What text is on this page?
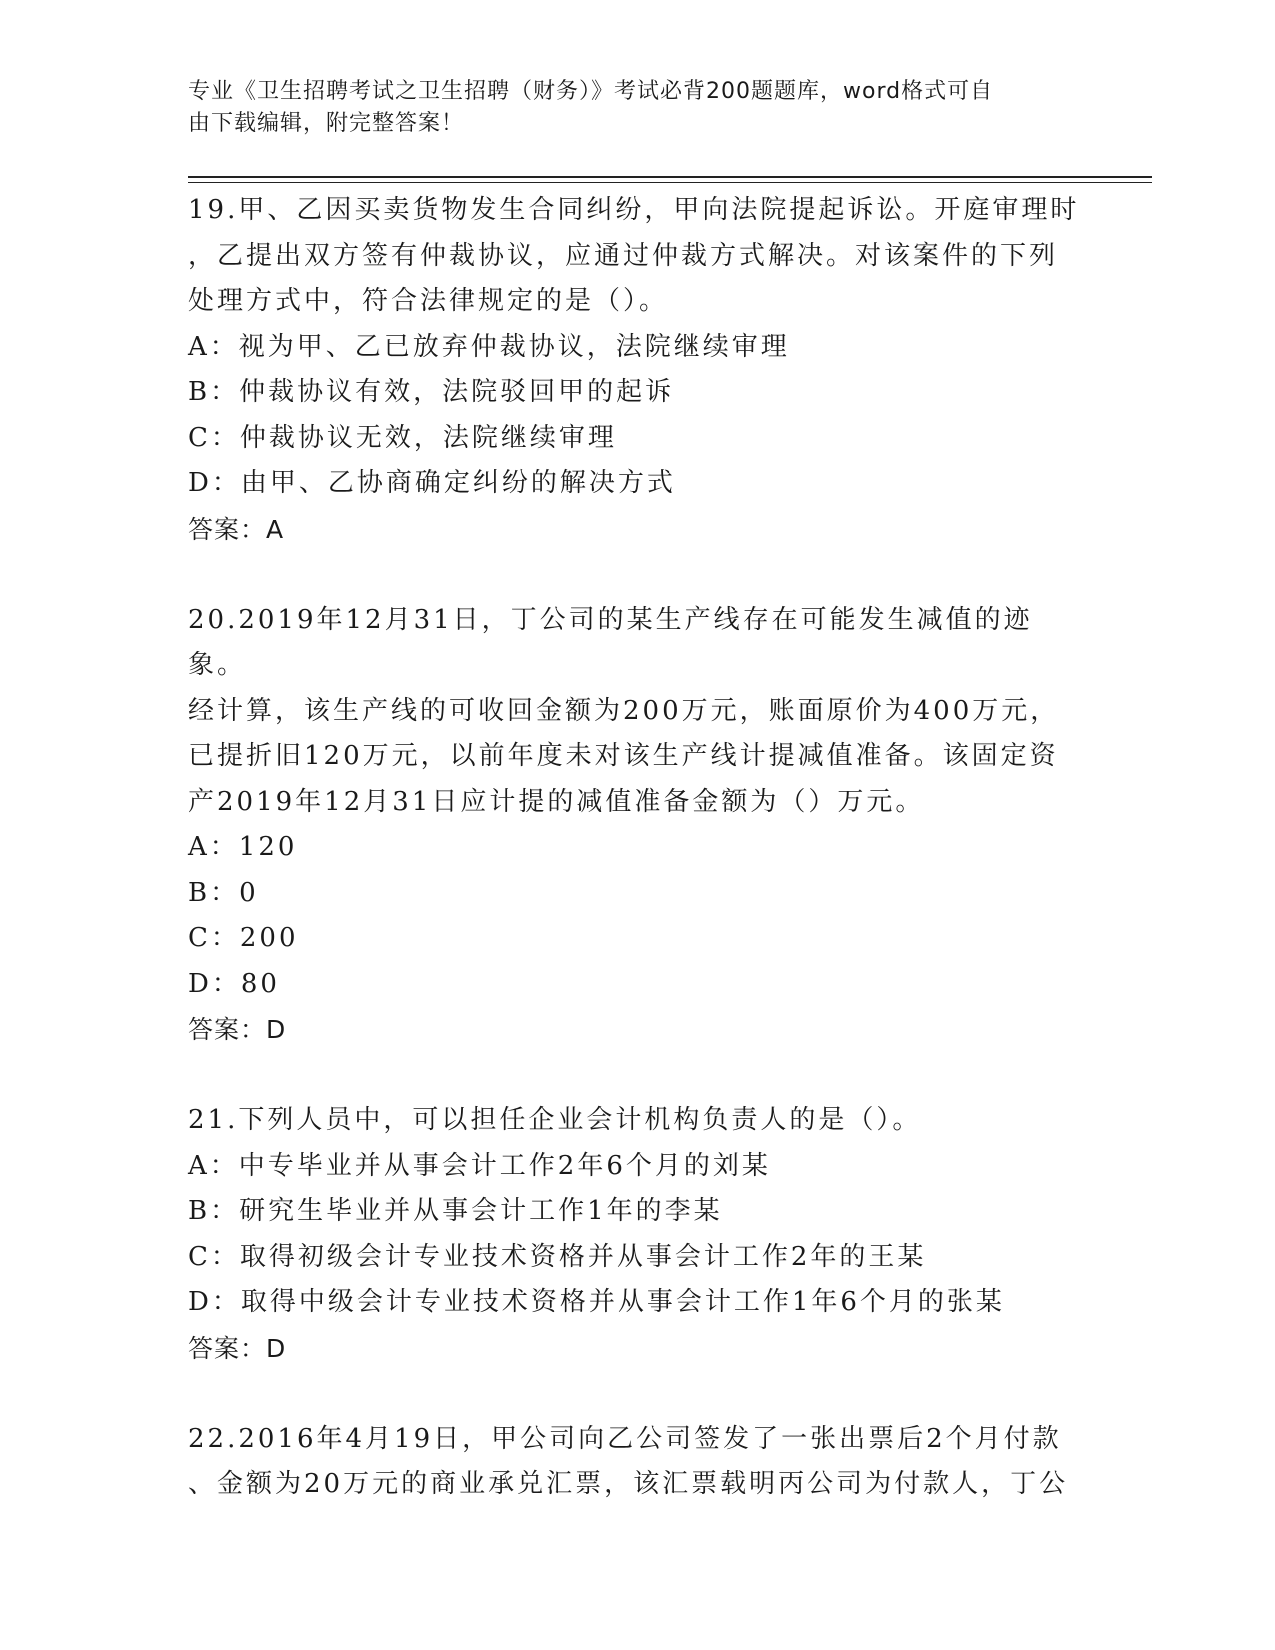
专业《卫生招聘考试之卫生招聘（财务）》考试必背200题题库，word格式可自
由下载编辑，附完整答案！

19.甲、乙因买卖货物发生合同纠纷，甲向法院提起诉讼。开庭审理时

，乙提出双方签有仲裁协议，应通过仲裁方式解决。对该案件的下列

处理方式中，符合法律规定的是（）。

A：视为甲、乙已放弃仲裁协议，法院继续审理

B：仲裁协议有效，法院驳回甲的起诉

C：仲裁协议无效，法院继续审理

D：由甲、乙协商确定纠纷的解决方式

答案：A

20.2019年12月31日，丁公司的某生产线存在可能发生减值的迹象。

经计算，该生产线的可收回金额为200万元，账面原价为400万元，

已提折旧120万元，以前年度未对该生产线计提减值准备。该固定资

产2019年12月31日应计提的减值准备金额为（）万元。

A：120

B：0

C：200

D：80

答案：D

21.下列人员中，可以担任企业会计机构负责人的是（）。

A：中专毕业并从事会计工作2年6个月的刘某

B：研究生毕业并从事会计工作1年的李某

C：取得初级会计专业技术资格并从事会计工作2年的王某

D：取得中级会计专业技术资格并从事会计工作1年6个月的张某

答案：D

22.2016年4月19日，甲公司向乙公司签发了一张出票后2个月付款

、金额为20万元的商业承兑汇票，该汇票载明丙公司为付款人，丁公
